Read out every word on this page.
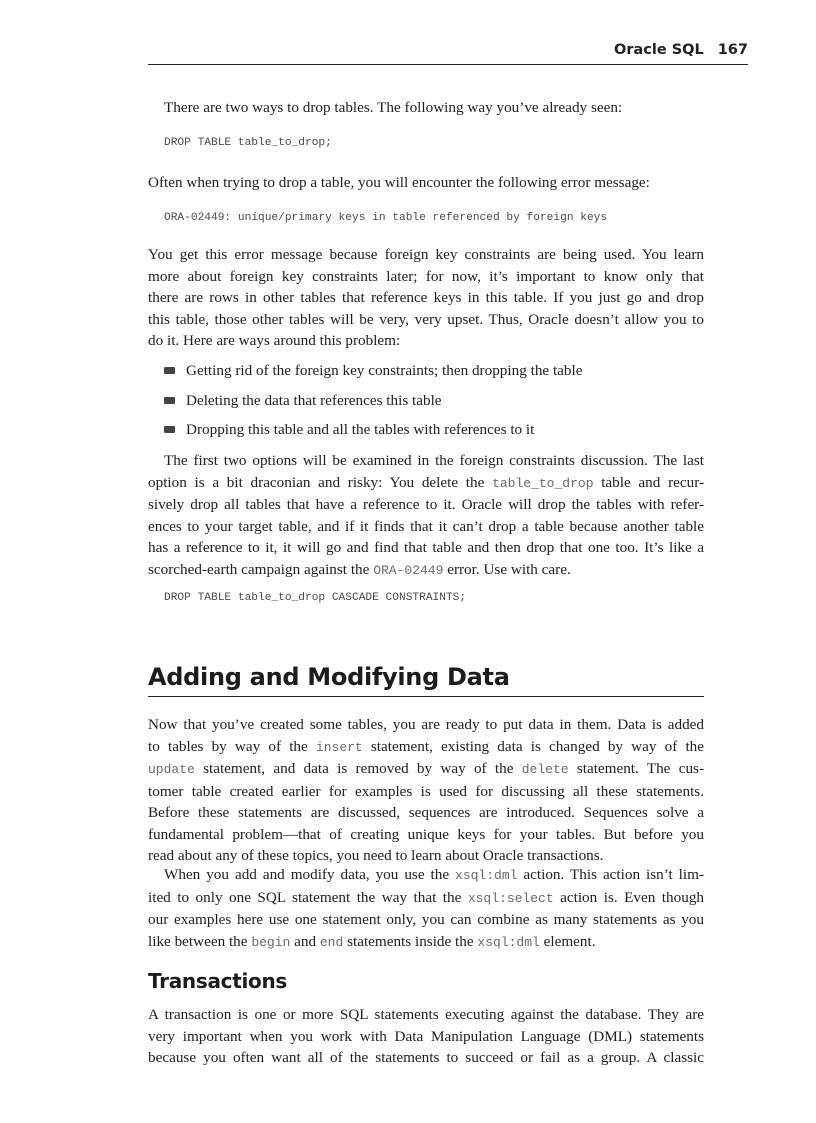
Oracle SQL 167

There are two ways to drop tables. The following way you’ve already seen:

DROP TABLE table_to_drop;

Often when trying to drop a table, you will encounter the following error message:

ORA-02449: unique/primary keys in table referenced by foreign keys
You get this error message because foreign key constraints are being used. You learn
more about foreign key constraints later; for now, it’s important to know only that
there are rows in other tables that reference keys in this table. If you just go and drop
this table, those other tables will be very, very upset. Thus, Oracle doesn’t allow you to
do it. Here are ways around this problem:
Getting rid of the foreign key constraints; then dropping the table
Deleting the data that references this table
Dropping this table and all the tables with references to it
The first two options will be examined in the foreign constraints discussion. The last
option is a bit draconian and risky: You delete the table_to_drop table and recur-
sively drop all tables that have a reference to it. Oracle will drop the tables with refer-
ences to your target table, and if it finds that it can’t drop a table because another table
has a reference to it, it will go and find that table and then drop that one too. It’s like a
scorched-earth campaign against the ORA-02449 error. Use with care.
DROP TABLE table_to_drop CASCADE CONSTRAINTS;
Adding and Modifying Data
Now that you’ve created some tables, you are ready to put data in them. Data is added
to tables by way of the insert statement, existing data is changed by way of the
update statement, and data is removed by way of the delete statement. The cus-
tomer table created earlier for examples is used for discussing all these statements.
Before these statements are discussed, sequences are introduced. Sequences solve a
fundamental problem—that of creating unique keys for your tables. But before you
read about any of these topics, you need to learn about Oracle transactions.
When you add and modify data, you use the xsql:dml action. This action isn’t lim-
ited to only one SQL statement the way that the xsql:select action is. Even though
our examples here use one statement only, you can combine as many statements as you
like between the begin and end statements inside the xsql:dml element.
Transactions
A transaction is one or more SQL statements executing against the database. They are
very important when you work with Data Manipulation Language (DML) statements
because you often want all of the statements to succeed or fail as a group. A classic
